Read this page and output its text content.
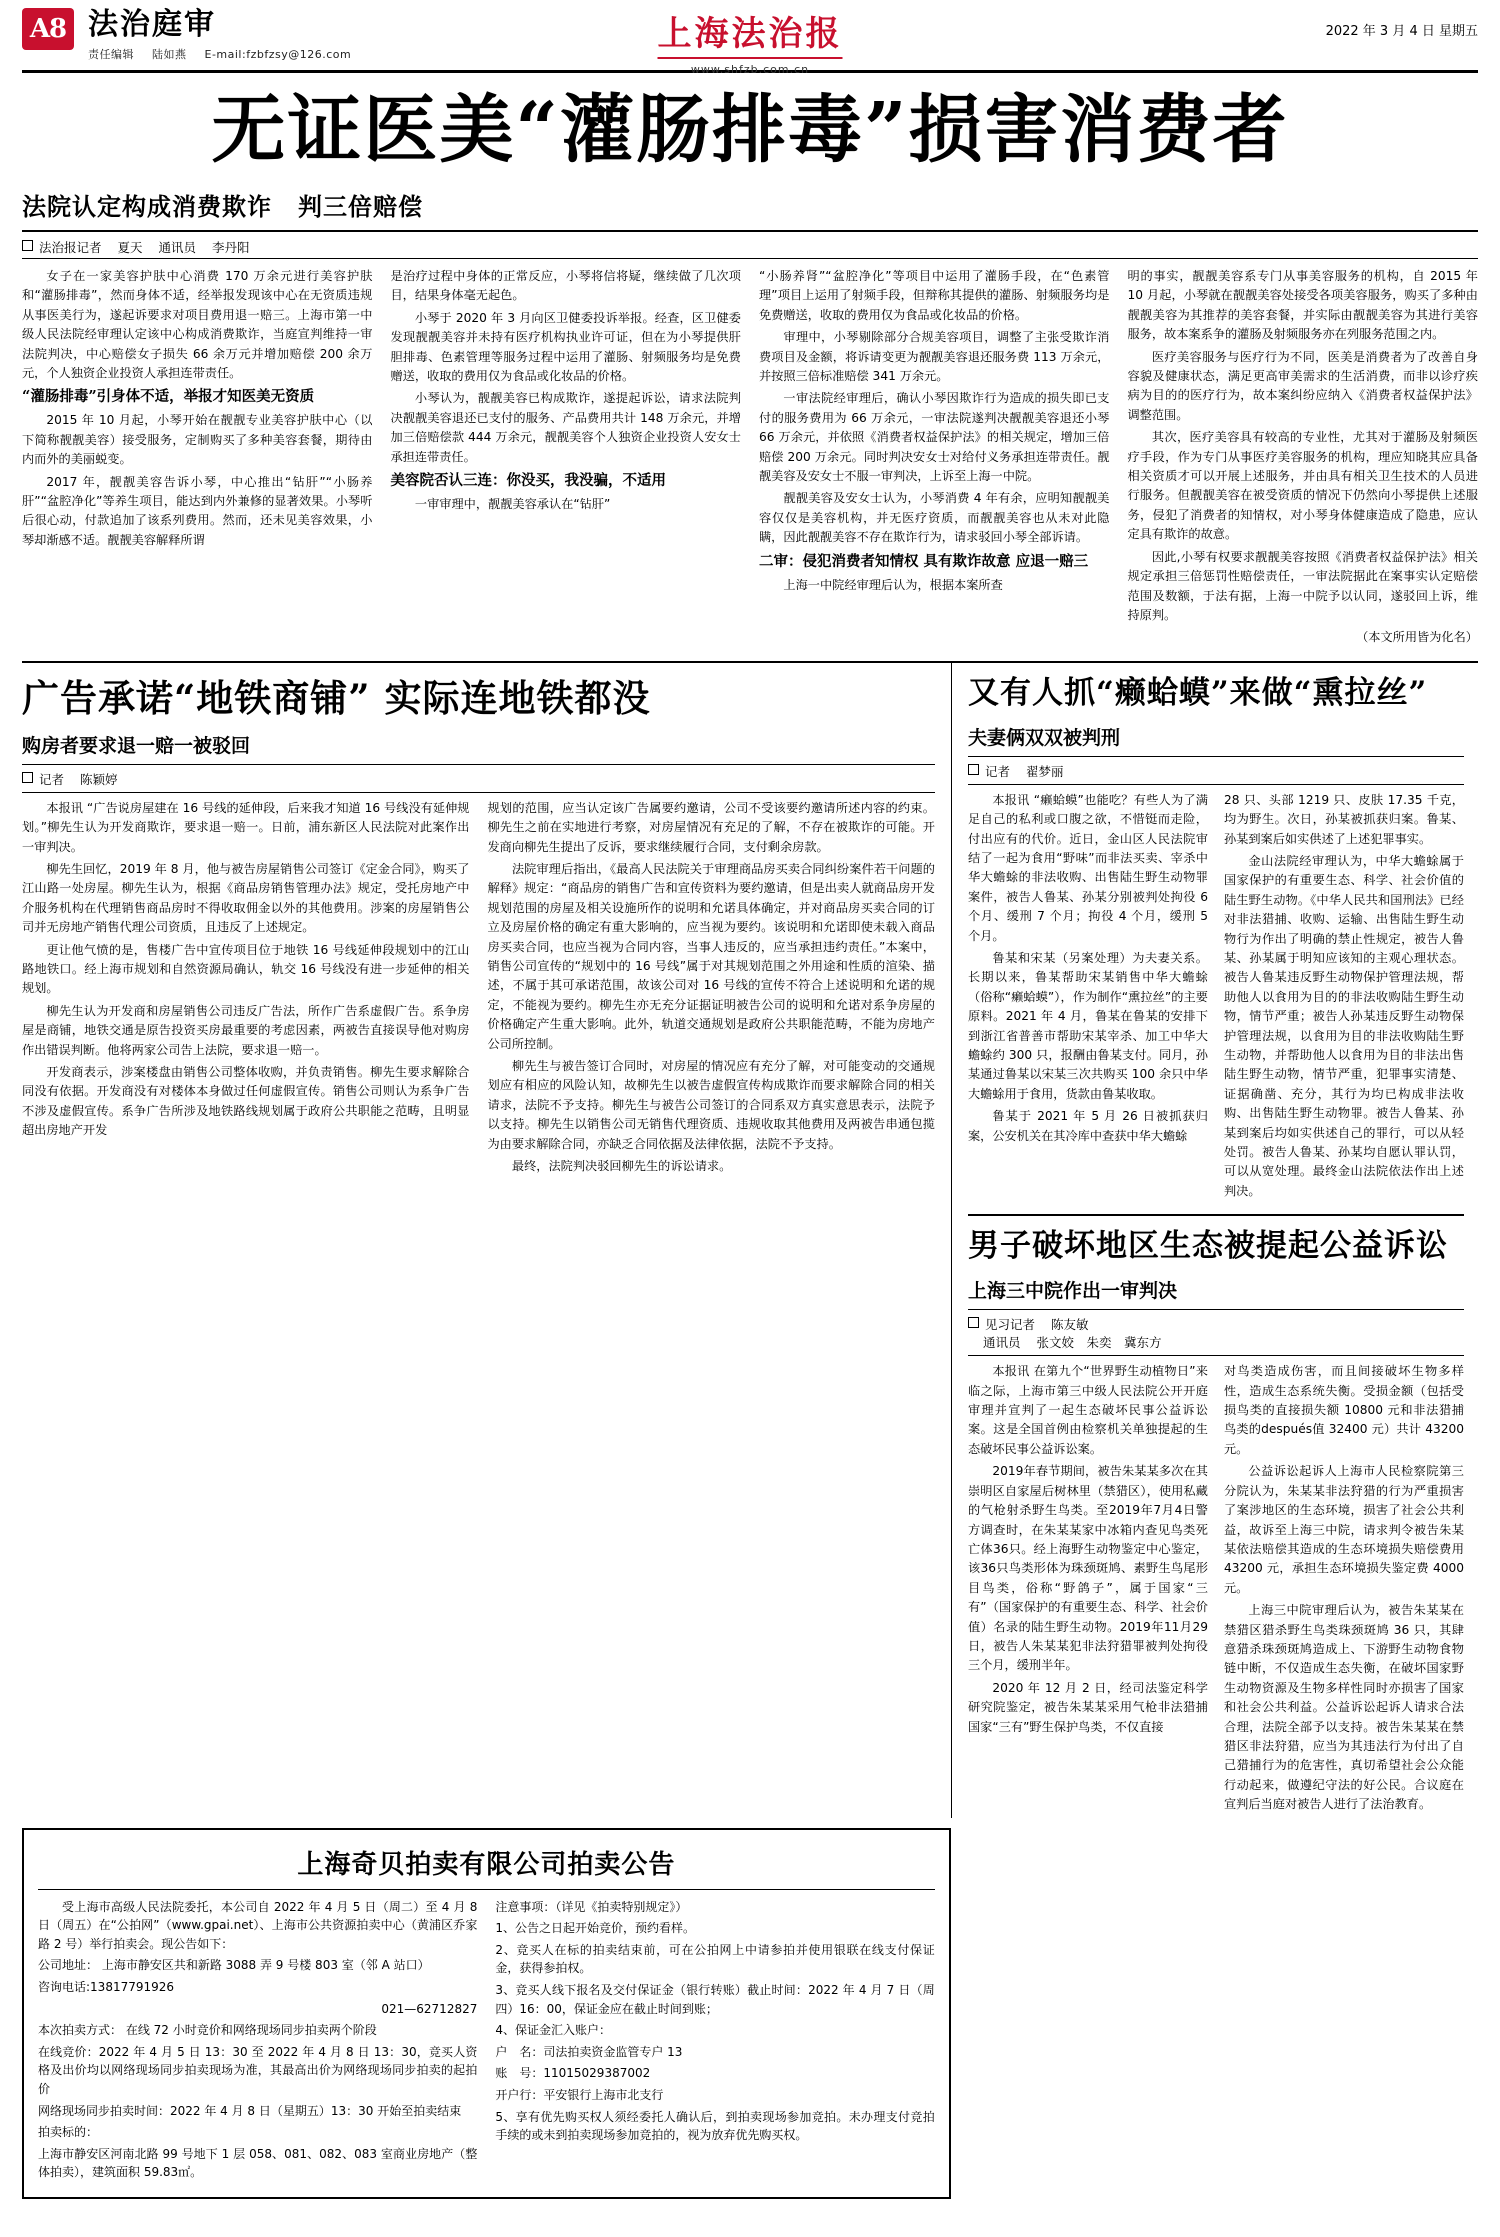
A8 法治庭审
责任编辑 陆如燕 E-mail:fzbfzsy@126.com
上海法治报
www.shfzb.com.cn
2022 年 3 月 4 日 星期五
无证医美“灌肠排毒”损害消费者
法院认定构成消费欺诈 判三倍赔偿
法治报记者 夏天 通讯员 李丹阳

女子在一家美容护肤中心消费 170 万余元进行美容护肤和“灌肠排毒”，然而身体不适，经举报发现该中心在无资质违规从事医美行为，遂起诉要求对项目费用退一赔三。上海市第一中级人民法院经审理认定该中心构成消费欺诈，当庭宣判维持一审法院判决，中心赔偿女子损失 66 余万元并增加赔偿 200 余万元，个人独资企业投资人承担连带责任。

“灌肠排毒”引身体不适，举报才知医美无资质

2015 年 10 月起，小琴开始在靓靓专业美容护肤中心（以下简称靓靓美容）接受服务，定制购买了多种美容套餐，期待由内而外的美丽蜕变。

2017 年，靓靓美容告诉小琴，中心推出“钻肝”“小肠养肝”“盆腔净化”等养生项目，能达到内外兼修的显著效果。小琴听后很心动，付款追加了该系列费用。然而，还未见美容效果，小琴却渐感不适。靓靓美容解释所谓

是治疗过程中身体的正常反应，小琴将信将疑，继续做了几次项目，结果身体毫无起色。

小琴于 2020 年 3 月向区卫健委投诉举报。经查，区卫健委发现靓靓美容并未持有医疗机构执业许可证，但在为小琴提供肝胆排毒、色素管理等服务过程中运用了灌肠、射频服务均是免费赠送，收取的费用仅为食品或化妆品的价格。

小琴认为，靓靓美容已构成欺诈，遂提起诉讼，请求法院判决靓靓美容退还已支付的服务、产品费用共计 148 万余元，并增加三倍赔偿款 444 万余元，靓靓美容个人独资企业投资人安女士承担连带责任。

美容院否认三连：你没买，我没骗，不适用

一审审理中，靓靓美容承认在“钻肝”

“小肠养肾”“盆腔净化”等项目中运用了灌肠手段，在“色素管理”项目上运用了射频手段，但辩称其提供的灌肠、射频服务均是免费赠送，收取的费用仅为食品或化妆品的价格。

审理中，小琴剔除部分合规美容项目，调整了主张受欺诈消费项目及金额，将诉请变更为靓靓美容退还服务费 113 万余元，并按照三倍标准赔偿 341 万余元。

一审法院经审理后，确认小琴因欺诈行为造成的损失即已支付的服务费用为 66 万余元，一审法院遂判决靓靓美容退还小琴 66 万余元，并依照《消费者权益保护法》的相关规定，增加三倍赔偿 200 万余元。同时判决安女士对给付义务承担连带责任。靓靓美容及安女士不服一审判决，上诉至上海一中院。

靓靓美容及安女士认为，小琴消费 4 年有余，应明知靓靓美容仅仅是美容机构，并无医疗资质，而靓靓美容也从未对此隐瞒，因此靓靓美容不存在欺诈行为，请求驳回小琴全部诉请。

二审：侵犯消费者知情权 具有欺诈故意 应退一赔三

上海一中院经审理后认为，根据本案所查

明的事实，靓靓美容系专门从事美容服务的机构，自 2015 年 10 月起，小琴就在靓靓美容处接受各项美容服务，购买了多种由靓靓美容为其推荐的美容套餐，并实际由靓靓美容为其进行美容服务，故本案系争的灌肠及射频服务亦在列服务范围之内。

医疗美容服务与医疗行为不同，医美是消费者为了改善自身容貌及健康状态，满足更高审美需求的生活消费，而非以诊疗疾病为目的的医疗行为，故本案纠纷应纳入《消费者权益保护法》调整范围。

其次，医疗美容具有较高的专业性，尤其对于灌肠及射频医疗手段，作为专门从事医疗美容服务的机构，理应知晓其应具备相关资质才可以开展上述服务，并由具有相关卫生技术的人员进行服务。但靓靓美容在被受资质的情况下仍然向小琴提供上述服务，侵犯了消费者的知情权，对小琴身体健康造成了隐患，应认定具有欺诈的故意。

因此,小琴有权要求靓靓美容按照《消费者权益保护法》相关规定承担三倍惩罚性赔偿责任，一审法院据此在案事实认定赔偿范围及数额，于法有据，上海一中院予以认同，遂驳回上诉，维持原判。

（本文所用皆为化名）

广告承诺“地铁商铺” 实际连地铁都没
购房者要求退一赔一被驳回
记者 陈颖婷

本报讯 “广告说房屋建在 16 号线的延伸段，后来我才知道 16 号线没有延伸规划。”柳先生认为开发商欺诈，要求退一赔一。日前，浦东新区人民法院对此案作出一审判决。

柳先生回忆，2019 年 8 月，他与被告房屋销售公司签订《定金合同》，购买了江山路一处房屋。柳先生认为，根据《商品房销售管理办法》规定，受托房地产中介服务机构在代理销售商品房时不得收取佣金以外的其他费用。涉案的房屋销售公司并无房地产销售代理公司资质，且违反了上述规定。

更让他气愤的是，售楼广告中宣传项目位于地铁 16 号线延伸段规划中的江山路地铁口。经上海市规划和自然资源局确认，轨交 16 号线没有进一步延伸的相关规划。

柳先生认为开发商和房屋销售公司违反广告法，所作广告系虚假广告。系争房屋是商铺，地铁交通是原告投资买房最重要的考虑因素，两被告直接误导他对购房作出错误判断。他将两家公司告上法院，要求退一赔一。

开发商表示，涉案楼盘由销售公司整体收购，并负责销售。柳先生要求解除合同没有依据。开发商没有对楼体本身做过任何虚假宣传。销售公司则认为系争广告不涉及虚假宣传。系争广告所涉及地铁路线规划属于政府公共职能之范畴，且明显超出房地产开发

规划的范围，应当认定该广告属要约邀请，公司不受该要约邀请所述内容的约束。柳先生之前在实地进行考察，对房屋情况有充足的了解，不存在被欺诈的可能。开发商向柳先生提出了反诉，要求继续履行合同，支付剩余房款。

法院审理后指出，《最高人民法院关于审理商品房买卖合同纠纷案件若干问题的解释》规定：“商品房的销售广告和宣传资料为要约邀请，但是出卖人就商品房开发规划范围的房屋及相关设施所作的说明和允诺具体确定，并对商品房买卖合同的订立及房屋价格的确定有重大影响的，应当视为要约。该说明和允诺即使未载入商品房买卖合同，也应当视为合同内容，当事人违反的，应当承担违约责任。”本案中，销售公司宣传的“规划中的 16 号线”属于对其规划范围之外用途和性质的渲染、描述，不属于其可承诺范围，故该公司对 16 号线的宣传不符合上述说明和允诺的规定，不能视为要约。柳先生亦无充分证据证明被告公司的说明和允诺对系争房屋的价格确定产生重大影响。此外，轨道交通规划是政府公共职能范畴，不能为房地产公司所控制。

柳先生与被告签订合同时，对房屋的情况应有充分了解，对可能变动的交通规划应有相应的风险认知，故柳先生以被告虚假宣传构成欺诈而要求解除合同的相关请求，法院不予支持。柳先生与被告公司签订的合同系双方真实意思表示，法院予以支持。柳先生以销售公司无销售代理资质、违规收取其他费用及两被告串通包揽为由要求解除合同，亦缺乏合同依据及法律依据，法院不予支持。

最终，法院判决驳回柳先生的诉讼请求。

又有人抓“癞蛤蟆”来做“熏拉丝”
夫妻俩双双被判刑
记者 翟梦丽

本报讯 “癞蛤蟆”也能吃？有些人为了满足自己的私利或口腹之欲，不惜铤而走险，付出应有的代价。近日，金山区人民法院审结了一起为食用“野味”而非法买卖、宰杀中华大蟾蜍的非法收购、出售陆生野生动物罪案件，被告人鲁某、孙某分别被判处拘役 6 个月、缓刑 7 个月；拘役 4 个月，缓刑 5 个月。

鲁某和宋某（另案处理）为夫妻关系。长期以来，鲁某帮助宋某销售中华大蟾蜍（俗称“癞蛤蟆”），作为制作“熏拉丝”的主要原料。2021 年 4 月，鲁某在鲁某的安排下到浙江省普善市帮助宋某宰杀、加工中华大蟾蜍约 300 只，报酬由鲁某支付。同月，孙某通过鲁某以宋某三次共购买 100 余只中华大蟾蜍用于食用，货款由鲁某收取。

鲁某于 2021 年 5 月 26 日被抓获归案，公安机关在其冷库中查获中华大蟾蜍

28 只、头部 1219 只、皮肤 17.35 千克，均为野生。次日，孙某被抓获归案。鲁某、孙某到案后如实供述了上述犯罪事实。

金山法院经审理认为，中华大蟾蜍属于国家保护的有重要生态、科学、社会价值的陆生野生动物。《中华人民共和国刑法》已经对非法猎捕、收购、运输、出售陆生野生动物行为作出了明确的禁止性规定，被告人鲁某、孙某属于明知应该知的主观心理状态。被告人鲁某违反野生动物保护管理法规，帮助他人以食用为目的的非法收购陆生野生动物，情节严重；被告人孙某违反野生动物保护管理法规，以食用为目的非法收购陆生野生动物，并帮助他人以食用为目的非法出售陆生野生动物，情节严重，犯罪事实清楚、证据确凿、充分，其行为均已构成非法收购、出售陆生野生动物罪。被告人鲁某、孙某到案后均如实供述自己的罪行，可以从轻处罚。被告人鲁某、孙某均自愿认罪认罚，可以从宽处理。最终金山法院依法作出上述判决。

男子破坏地区生态被提起公益诉讼
上海三中院作出一审判决
见习记者 陈友敏
通讯员 张文姣　朱奕　冀东方

本报讯 在第九个“世界野生动植物日”来临之际，上海市第三中级人民法院公开开庭审理并宣判了一起生态破坏民事公益诉讼案。这是全国首例由检察机关单独提起的生态破坏民事公益诉讼案。

2019年春节期间，被告朱某某多次在其崇明区自家屋后树林里（禁猎区），使用私藏的气枪射杀野生鸟类。至2019年7月4日警方调查时，在朱某某家中冰箱内查见鸟类死亡体36只。经上海野生动物鉴定中心鉴定，该36只鸟类形体为珠颈斑鸠、素野生鸟尾形目鸟类，俗称“野鸽子”，属于国家“三有”（国家保护的有重要生态、科学、社会价值）名录的陆生野生动物。2019年11月29日，被告人朱某某犯非法狩猎罪被判处拘役三个月，缓刑半年。

2020 年 12 月 2 日，经司法鉴定科学研究院鉴定，被告朱某某采用气枪非法猎捕国家“三有”野生保护鸟类，不仅直接

对鸟类造成伤害，而且间接破坏生物多样性，造成生态系统失衡。受损金额（包括受损鸟类的直接损失额 10800 元和非法猎捕鸟类的después值 32400 元）共计 43200 元。

公益诉讼起诉人上海市人民检察院第三分院认为，朱某某非法狩猎的行为严重损害了案涉地区的生态环境，损害了社会公共利益，故诉至上海三中院，请求判令被告朱某某依法赔偿其造成的生态环境损失赔偿费用 43200 元，承担生态环境损失鉴定费 4000 元。

上海三中院审理后认为，被告朱某某在禁猎区猎杀野生鸟类珠颈斑鸠 36 只，其肆意猎杀珠颈斑鸠造成上、下游野生动物食物链中断，不仅造成生态失衡，在破坏国家野生动物资源及生物多样性同时亦损害了国家和社会公共利益。公益诉讼起诉人请求合法合理，法院全部予以支持。被告朱某某在禁猎区非法狩猎，应当为其违法行为付出了自己猎捕行为的危害性，真切希望社会公众能行动起来，做遵纪守法的好公民。合议庭在宣判后当庭对被告人进行了法治教育。

上海奇贝拍卖有限公司拍卖公告

受上海市高级人民法院委托，本公司自 2022 年 4 月 5 日（周二）至 4 月 8 日（周五）在“公拍网”（www.gpai.net）、上海市公共资源拍卖中心（黄浦区乔家路 2 号）举行拍卖会。现公告如下：

公司地址： 上海市静安区共和新路 3088 弄 9 号楼 803 室（邻 A 站口）

咨询电话:13817791926

021—62712827

本次拍卖方式： 在线 72 小时竞价和网络现场同步拍卖两个阶段

在线竞价：2022 年 4 月 5 日 13：30 至 2022 年 4 月 8 日 13：30，竞买人资格及出价均以网络现场同步拍卖现场为准，其最高出价为网络现场同步拍卖的起拍价

网络现场同步拍卖时间：2022 年 4 月 8 日（星期五）13：30 开始至拍卖结束

拍卖标的：

上海市静安区河南北路 99 号地下 1 层 058、081、082、083 室商业房地产（整体拍卖），建筑面积 59.83㎡。

注意事项：（详见《拍卖特别规定》）

1、公告之日起开始竞价，预约看样。

2、竞买人在标的拍卖结束前，可在公拍网上中请参拍并使用银联在线支付保证金，获得参拍权。

3、竞买人线下报名及交付保证金（银行转账）截止时间：2022 年 4 月 7 日（周四）16：00，保证金应在截止时间到账；

4、保证金汇入账户：

户　名：司法拍卖资金监管专户 13

账　号：11015029387002

开户行：平安银行上海市北支行

5、享有优先购买权人须经委托人确认后，到拍卖现场参加竞拍。未办理支付竞拍手续的或未到拍卖现场参加竞拍的，视为放弃优先购买权。
